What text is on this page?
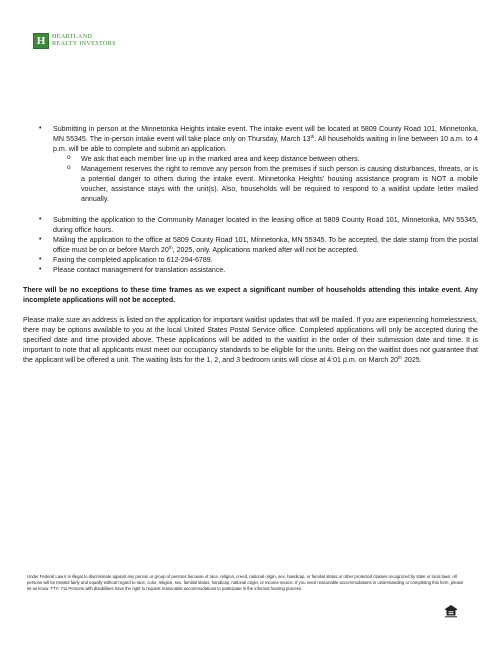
H	HEARTLAND
REALTY INVESTORS
• Submitting in person at the Minnetonka Heights intake event. The intake event will be located at 5809 County Road 101, Minnetonka, MN 55345. The in-person intake event will take place only on Thursday, March 13th. All households waiting in line between 10 a.m. to 4 p.m. will be able to complete and submit an application.
o We ask that each member line up in the marked area and keep distance between others.
o Management reserves the right to remove any person from the premises if such person is causing disturbances, threats, or is a potential danger to others during the intake event. Minnetonka Heights’ housing assistance program is NOT a mobile voucher, assistance stays with the unit(s). Also, households will be required to respond to a waitlist update letter mailed annually.
• Submitting the application to the Community Manager located in the leasing office at 5809 County Road 101, Minnetonka, MN 55345, during office hours.
• Mailing the application to the office at 5809 County Road 101, Minnetonka, MN 55345. To be accepted, the date stamp from the postal office must be on or before March 20th, 2025, only. Applications marked after will not be accepted.
• Faxing the completed application to 612-294-6789.
• Please contact management for translation assistance.
There will be no exceptions to these time frames as we expect a significant number of households attending this intake event. Any incomplete applications will not be accepted.
Please make sure an address is listed on the application for important waitlist updates that will be mailed. If you are experiencing homelessness, there may be options available to you at the local United States Postal Service office. Completed applications will only be accepted during the specified date and time provided above. These applications will be added to the waitlist in the order of their submission date and time. It is important to note that all applicants must meet our occupancy standards to be eligible for the units. Being on the waitlist does not guarantee that the applicant will be offered a unit. The waiting lists for the 1, 2, and 3 bedroom units will close at 4:01 p.m. on March 20th 2025.
Under Federal Law it is illegal to discriminate against any person or group of persons because of race, religion, creed, national origin, sex, handicap, or familial status or other protected classes recognized by state or local laws. All persons will be treated fairly and equally without regard to race, color, religion, sex, familial status, handicap, national origin, or income source. If you need reasonable accommodations in understanding or completing this form, please let us know. TTY: 711 Persons with disabilities have the right to request reasonable accommodations to participate in the informal hearing process.
